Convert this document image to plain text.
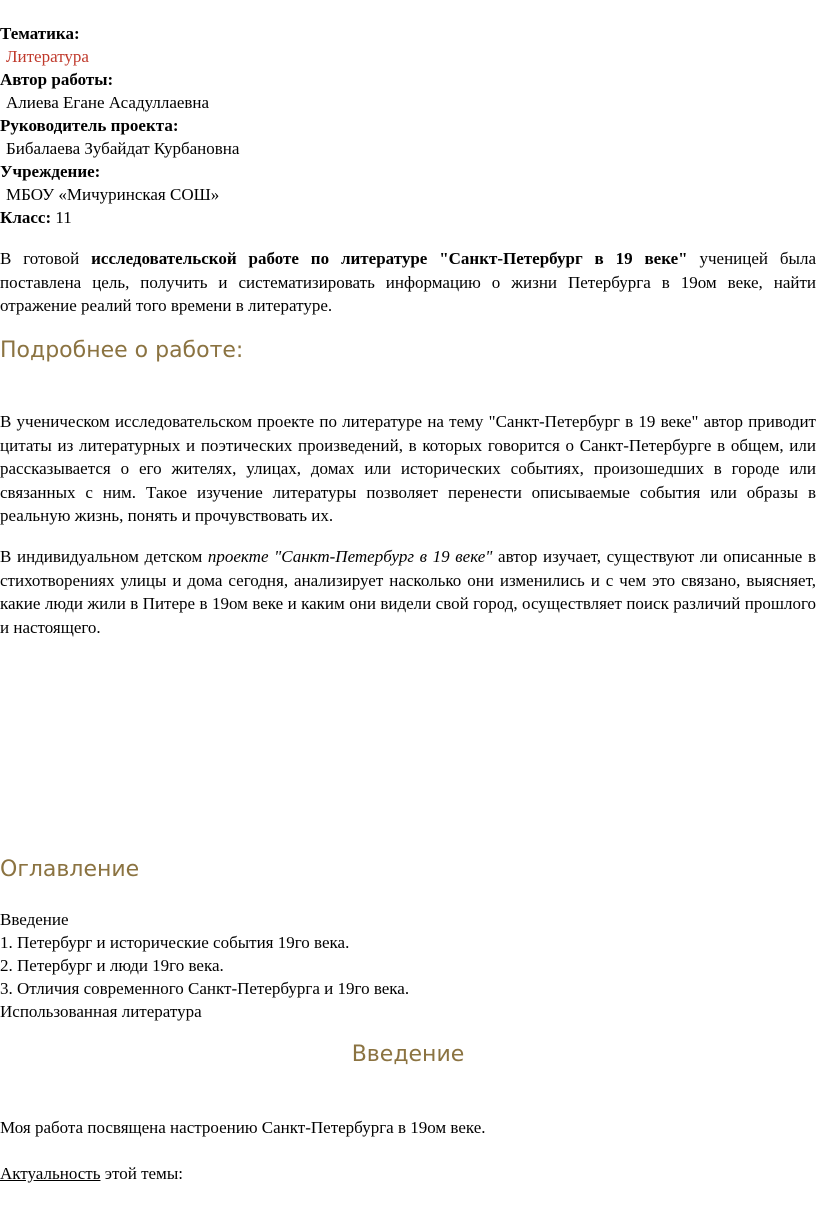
Тематика:
Литература
Автор работы:
Алиева Егане Асадуллаевна
Руководитель проекта:
Бибалаева Зубайдат Курбановна
Учреждение:
МБОУ «Мичуринская СОШ»
Класс: 11
В готовой исследовательской работе по литературе "Санкт-Петербург в 19 веке" ученицей была поставлена цель, получить и систематизировать информацию о жизни Петербурга в 19ом веке, найти отражение реалий того времени в литературе.
Подробнее о работе:
В ученическом исследовательском проекте по литературе на тему "Санкт-Петербург в 19 веке" автор приводит цитаты из литературных и поэтических произведений, в которых говорится о Санкт-Петербурге в общем, или рассказывается о его жителях, улицах, домах или исторических событиях, произошедших в городе или связанных с ним. Такое изучение литературы позволяет перенести описываемые события или образы в реальную жизнь, понять и прочувствовать их.
В индивидуальном детском проекте "Санкт-Петербург в 19 веке" автор изучает, существуют ли описанные в стихотворениях улицы и дома сегодня, анализирует насколько они изменились и с чем это связано, выясняет, какие люди жили в Питере в 19ом веке и каким они видели свой город, осуществляет поиск различий прошлого и настоящего.
Оглавление
Введение
1. Петербург и исторические события 19го века.
2. Петербург и люди 19го века.
3. Отличия современного Санкт-Петербурга и 19го века.
Использованная литература
Введение
Моя работа посвящена настроению Санкт-Петербурга в 19ом веке.
Актуальность этой темы:
